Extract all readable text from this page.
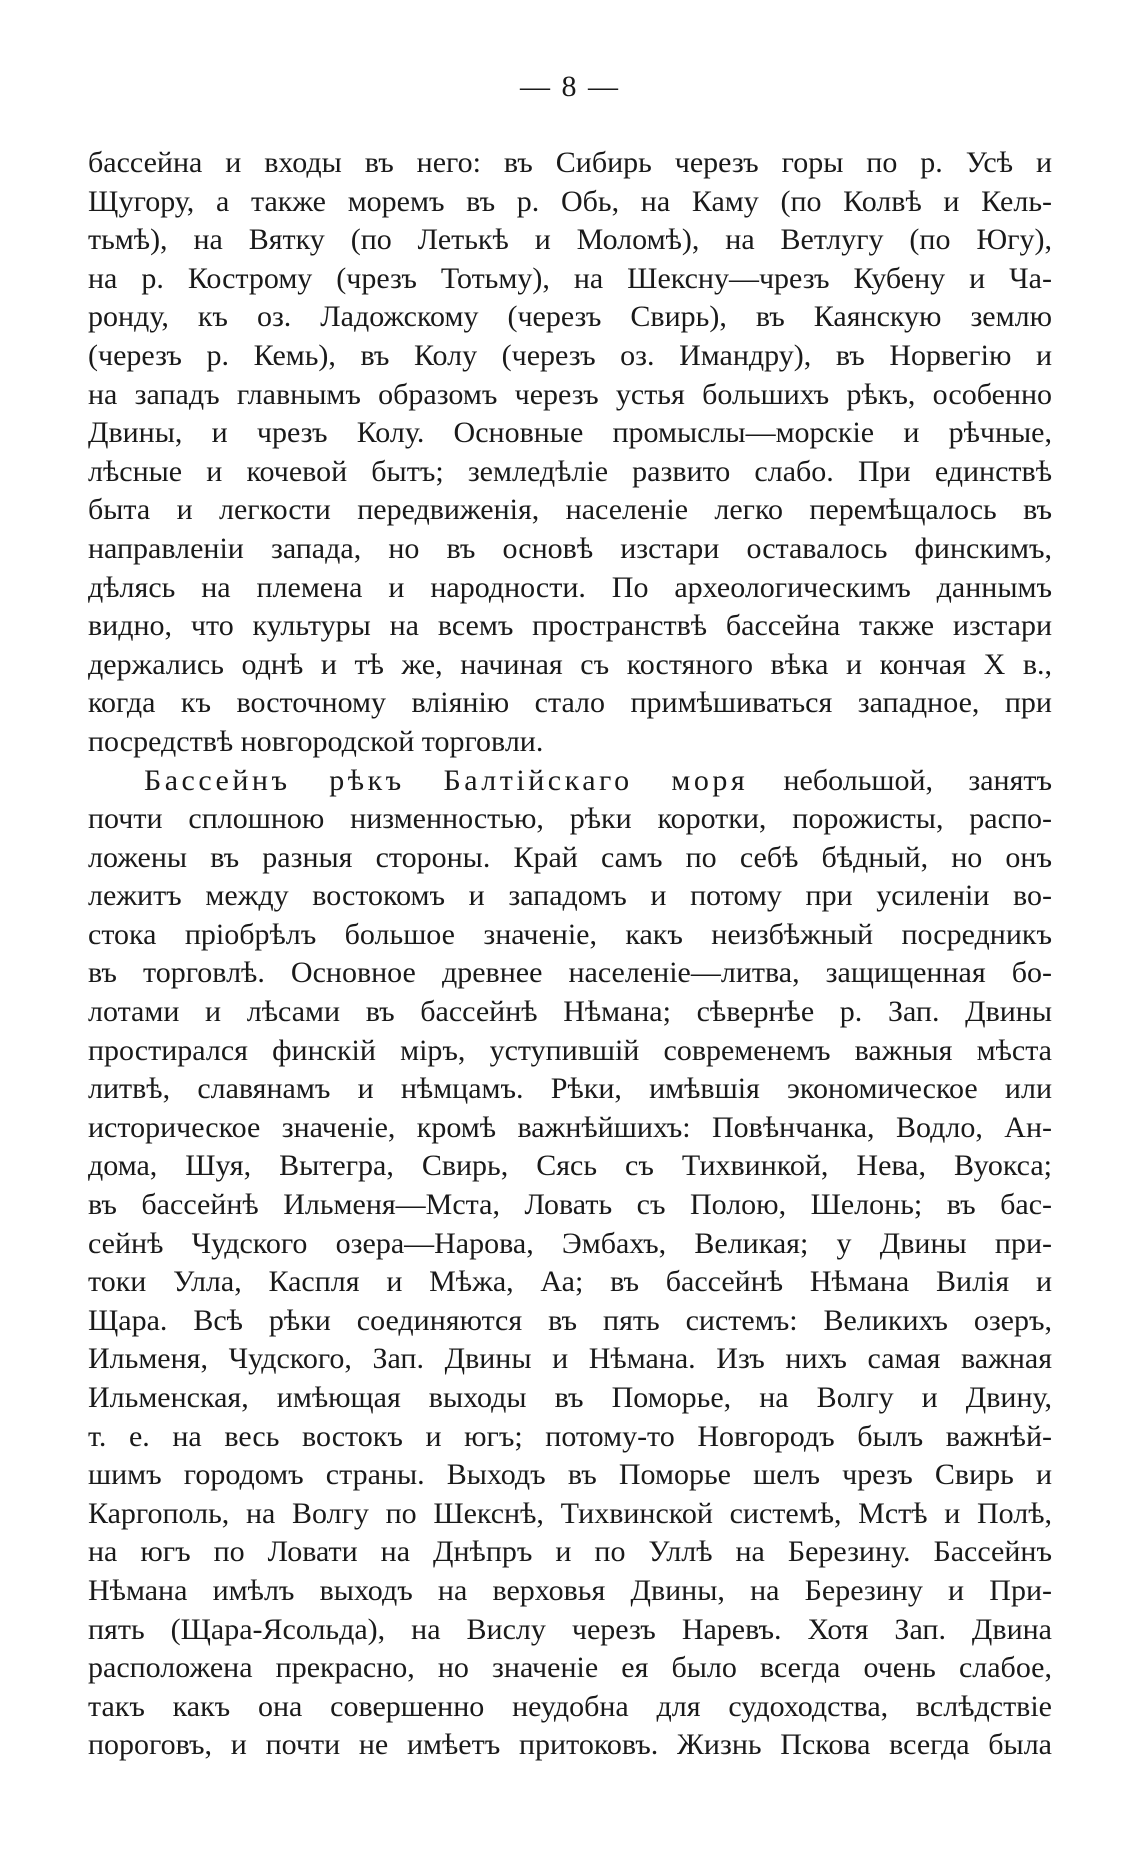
— 8 —
бассейна и входы въ него: въ Сибирь черезъ горы по р. Усѣ и
Щугору, а также моремъ въ р. Обь, на Каму (по Колвѣ и Кель-
тьмѣ), на Вятку (по Летькѣ и Моломѣ), на Ветлугу (по Югу),
на р. Кострому (чрезъ Тотьму), на Шексну—чрезъ Кубену и Ча-
ронду, къ оз. Ладожскому (черезъ Свирь), въ Каянскую землю
(черезъ р. Кемь), въ Колу (черезъ оз. Имандру), въ Норвегію и
на западъ главнымъ образомъ черезъ устья большихъ рѣкъ, особенно
Двины, и чрезъ Колу. Основные промыслы—морскіе и рѣчные,
лѣсные и кочевой бытъ; земледѣліе развито слабо. При единствѣ
быта и легкости передвиженія, населеніе легко перемѣщалось въ
направленіи запада, но въ основѣ изстари оставалось финскимъ,
дѣлясь на племена и народности. По археологическимъ даннымъ
видно, что культуры на всемъ пространствѣ бассейна также изстари
держались однѣ и тѣ же, начиная съ костяного вѣка и кончая X в.,
когда къ восточному вліянію стало примѣшиваться западное, при
посредствѣ новгородской торговли.
Бассейнъ рѣкъ Балтійскаго моря небольшой, занятъ
почти сплошною низменностью, рѣки коротки, порожисты, распо-
ложены въ разныя стороны. Край самъ по себѣ бѣдный, но онъ
лежитъ между востокомъ и западомъ и потому при усиленіи во-
стока пріобрѣлъ большое значеніе, какъ неизбѣжный посредникъ
въ торговлѣ. Основное древнее населеніе—литва, защищенная бо-
лотами и лѣсами въ бассейнѣ Нѣмана; сѣвернѣе р. Зап. Двины
простирался финскій міръ, уступившій современемъ важныя мѣста
литвѣ, славянамъ и нѣмцамъ. Рѣки, имѣвшія экономическое или
историческое значеніе, кромѣ важнѣйшихъ: Повѣнчанка, Водло, Ан-
дома, Шуя, Вытегра, Свирь, Сясь съ Тихвинкой, Нева, Вуокса;
въ бассейнѣ Ильменя—Мста, Ловать съ Полою, Шелонь; въ бас-
сейнѣ Чудского озера—Нарова, Эмбахъ, Великая; у Двины при-
токи Улла, Каспля и Мѣжа, Аа; въ бассейнѣ Нѣмана Вилія и
Щара. Всѣ рѣки соединяются въ пять системъ: Великихъ озеръ,
Ильменя, Чудского, Зап. Двины и Нѣмана. Изъ нихъ самая важная
Ильменская, имѣющая выходы въ Поморье, на Волгу и Двину,
т. е. на весь востокъ и югъ; потому-то Новгородъ былъ важнѣй-
шимъ городомъ страны. Выходъ въ Поморье шелъ чрезъ Свирь и
Каргополь, на Волгу по Шекснѣ, Тихвинской системѣ, Мстѣ и Полѣ,
на югъ по Ловати на Днѣпръ и по Уллѣ на Березину. Бассейнъ
Нѣмана имѣлъ выходъ на верховья Двины, на Березину и При-
пять (Щара-Ясольда), на Вислу черезъ Наревъ. Хотя Зап. Двина
расположена прекрасно, но значеніе ея было всегда очень слабое,
такъ какъ она совершенно неудобна для судоходства, вслѣдствіе
пороговъ, и почти не имѣетъ притоковъ. Жизнь Пскова всегда была
